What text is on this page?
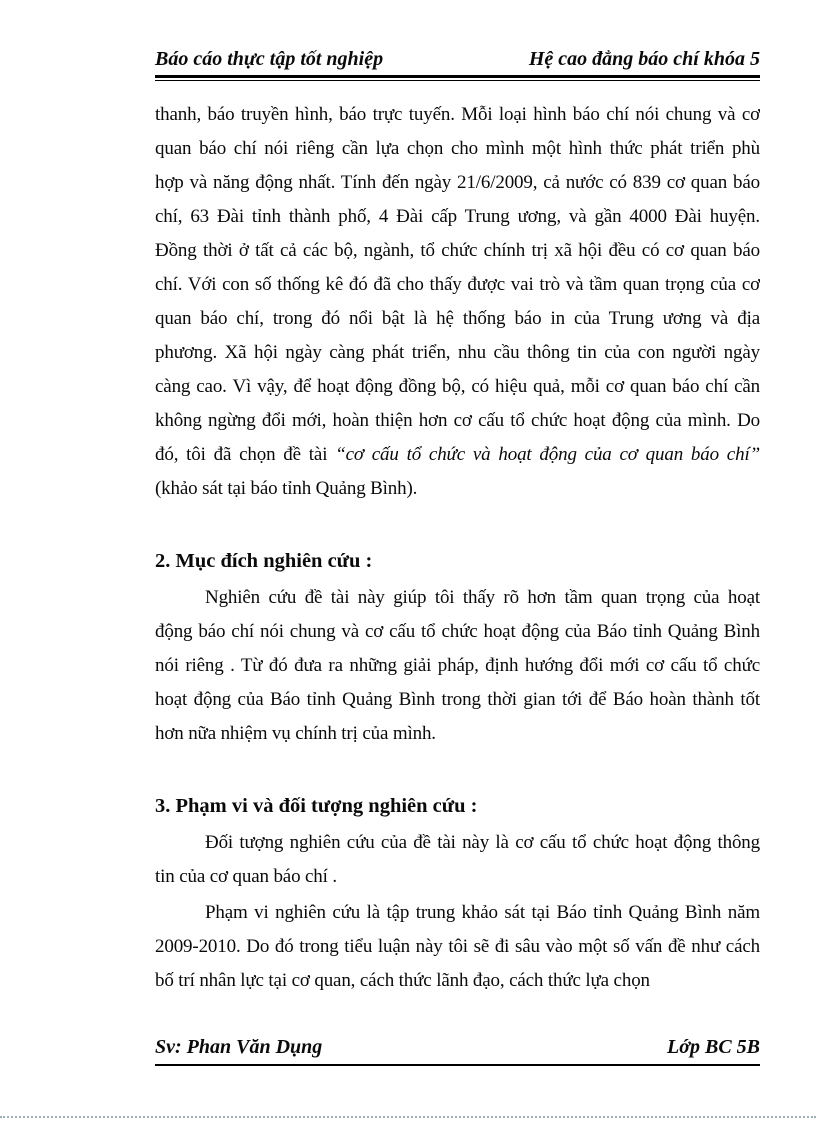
Báo cáo thực tập tốt nghiệp	Hệ cao đẳng báo chí khóa 5
thanh, báo truyền hình, báo trực tuyến. Mỗi loại hình báo chí nói chung và cơ
quan báo chí nói riêng cần lựa chọn cho mình một hình thức phát triển phù
hợp và năng động nhất. Tính đến ngày 21/6/2009, cả nước có 839 cơ quan báo
chí, 63 Đài tỉnh thành phố, 4 Đài cấp Trung ương, và gần 4000 Đài huyện.
Đồng thời ở tất cả các bộ, ngành, tổ chức chính trị xã hội đều có cơ quan báo
chí. Với con số thống kê đó đã cho thấy được vai trò và tầm quan trọng của cơ
quan báo chí, trong đó nổi bật là hệ thống báo in của Trung ương và địa
phương. Xã hội ngày càng phát triển, nhu cầu thông tin của con người ngày
càng cao. Vì vậy, để hoạt động đồng bộ, có hiệu quả, mỗi cơ quan báo chí cần
không ngừng đổi mới, hoàn thiện hơn cơ cấu tổ chức hoạt động của mình. Do
đó, tôi đã chọn đề tài “cơ cấu tổ chức và hoạt động của cơ quan báo chí”
(khảo sát tại báo tỉnh Quảng Bình).
2. Mục đích nghiên cứu :
Nghiên cứu đề tài này giúp tôi thấy rõ hơn tầm quan trọng của hoạt
động báo chí nói chung và cơ cấu tổ chức hoạt động của Báo tỉnh Quảng Bình
nói riêng . Từ đó đưa ra những giải pháp, định hướng đổi mới cơ cấu tổ chức
hoạt động của Báo tỉnh Quảng Bình trong thời gian tới để Báo hoàn thành tốt
hơn nữa nhiệm vụ chính trị của mình.
3. Phạm vi và đối tượng nghiên cứu :
Đối tượng nghiên cứu của đề tài này là cơ cấu tổ chức hoạt động thông
tin của cơ quan báo chí .
Phạm vi nghiên cứu là tập trung khảo sát tại Báo tỉnh Quảng Bình năm
2009-2010. Do đó trong tiểu luận này tôi sẽ đi sâu vào một số vấn đề như cách
bố trí nhân lực tại cơ quan, cách thức lãnh đạo, cách thức lựa chọn
Sv: Phan Văn Dụng	Lớp BC 5B
